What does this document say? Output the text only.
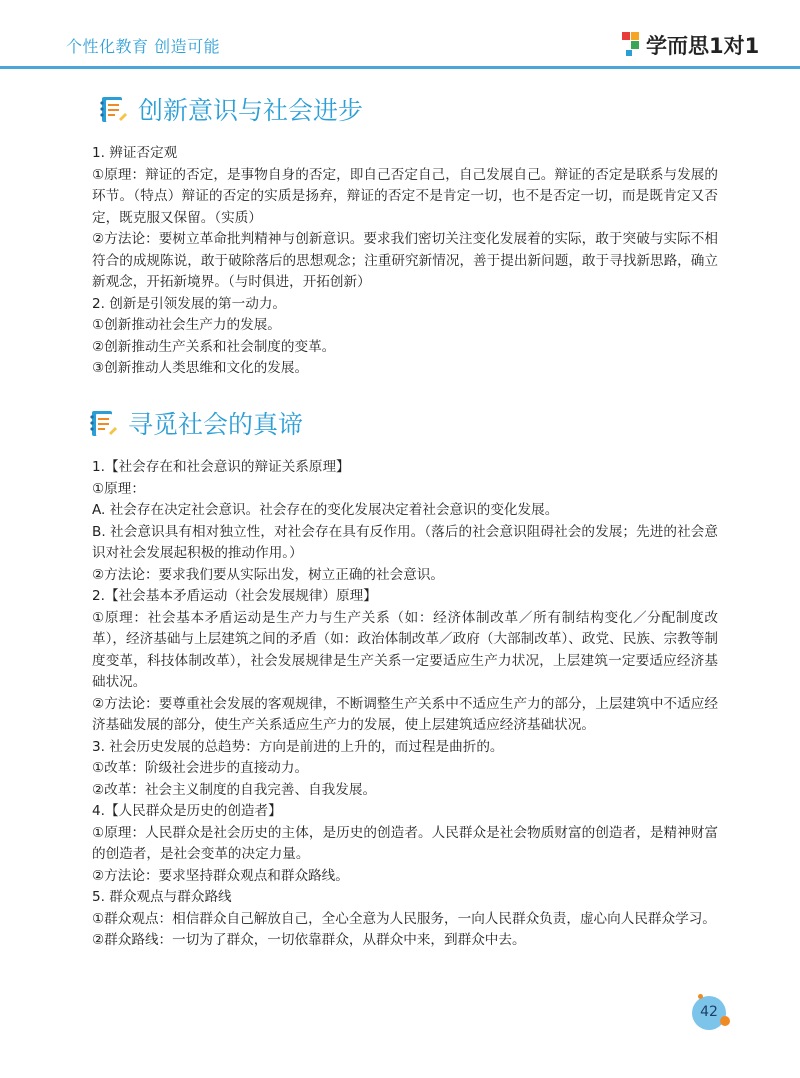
个性化教育 创造可能	学而思1对1
创新意识与社会进步

1. 辨证否定观

①原理：辩证的否定，是事物自身的否定，即自己否定自己，自己发展自己。辩证的否定是联系与发展的环节。（特点）辩证的否定的实质是扬弃，辩证的否定不是肯定一切，也不是否定一切，而是既肯定又否定，既克服又保留。（实质）

②方法论：要树立革命批判精神与创新意识。要求我们密切关注变化发展着的实际，敢于突破与实际不相符合的成规陈说，敢于破除落后的思想观念；注重研究新情况，善于提出新问题，敢于寻找新思路，确立新观念，开拓新境界。（与时俱进，开拓创新）

2. 创新是引领发展的第一动力。

①创新推动社会生产力的发展。

②创新推动生产关系和社会制度的变革。

③创新推动人类思维和文化的发展。

寻觅社会的真谛

1.【社会存在和社会意识的辩证关系原理】

①原理：

A. 社会存在决定社会意识。社会存在的变化发展决定着社会意识的变化发展。

B. 社会意识具有相对独立性，对社会存在具有反作用。（落后的社会意识阻碍社会的发展；先进的社会意识对社会发展起积极的推动作用。）

②方法论：要求我们要从实际出发，树立正确的社会意识。

2.【社会基本矛盾运动（社会发展规律）原理】

①原理：社会基本矛盾运动是生产力与生产关系（如：经济体制改革／所有制结构变化／分配制度改革），经济基础与上层建筑之间的矛盾（如：政治体制改革／政府（大部制改革）、政党、民族、宗教等制度变革，科技体制改革），社会发展规律是生产关系一定要适应生产力状况，上层建筑一定要适应经济基础状况。

②方法论：要尊重社会发展的客观规律，不断调整生产关系中不适应生产力的部分，上层建筑中不适应经济基础发展的部分，使生产关系适应生产力的发展，使上层建筑适应经济基础状况。

3. 社会历史发展的总趋势：方向是前进的上升的，而过程是曲折的。

①改革：阶级社会进步的直接动力。

②改革：社会主义制度的自我完善、自我发展。

4.【人民群众是历史的创造者】

①原理：人民群众是社会历史的主体，是历史的创造者。人民群众是社会物质财富的创造者，是精神财富的创造者，是社会变革的决定力量。

②方法论：要求坚持群众观点和群众路线。

5. 群众观点与群众路线

①群众观点：相信群众自己解放自己，全心全意为人民服务，一向人民群众负责，虚心向人民群众学习。

②群众路线：一切为了群众，一切依靠群众，从群众中来，到群众中去。

42
